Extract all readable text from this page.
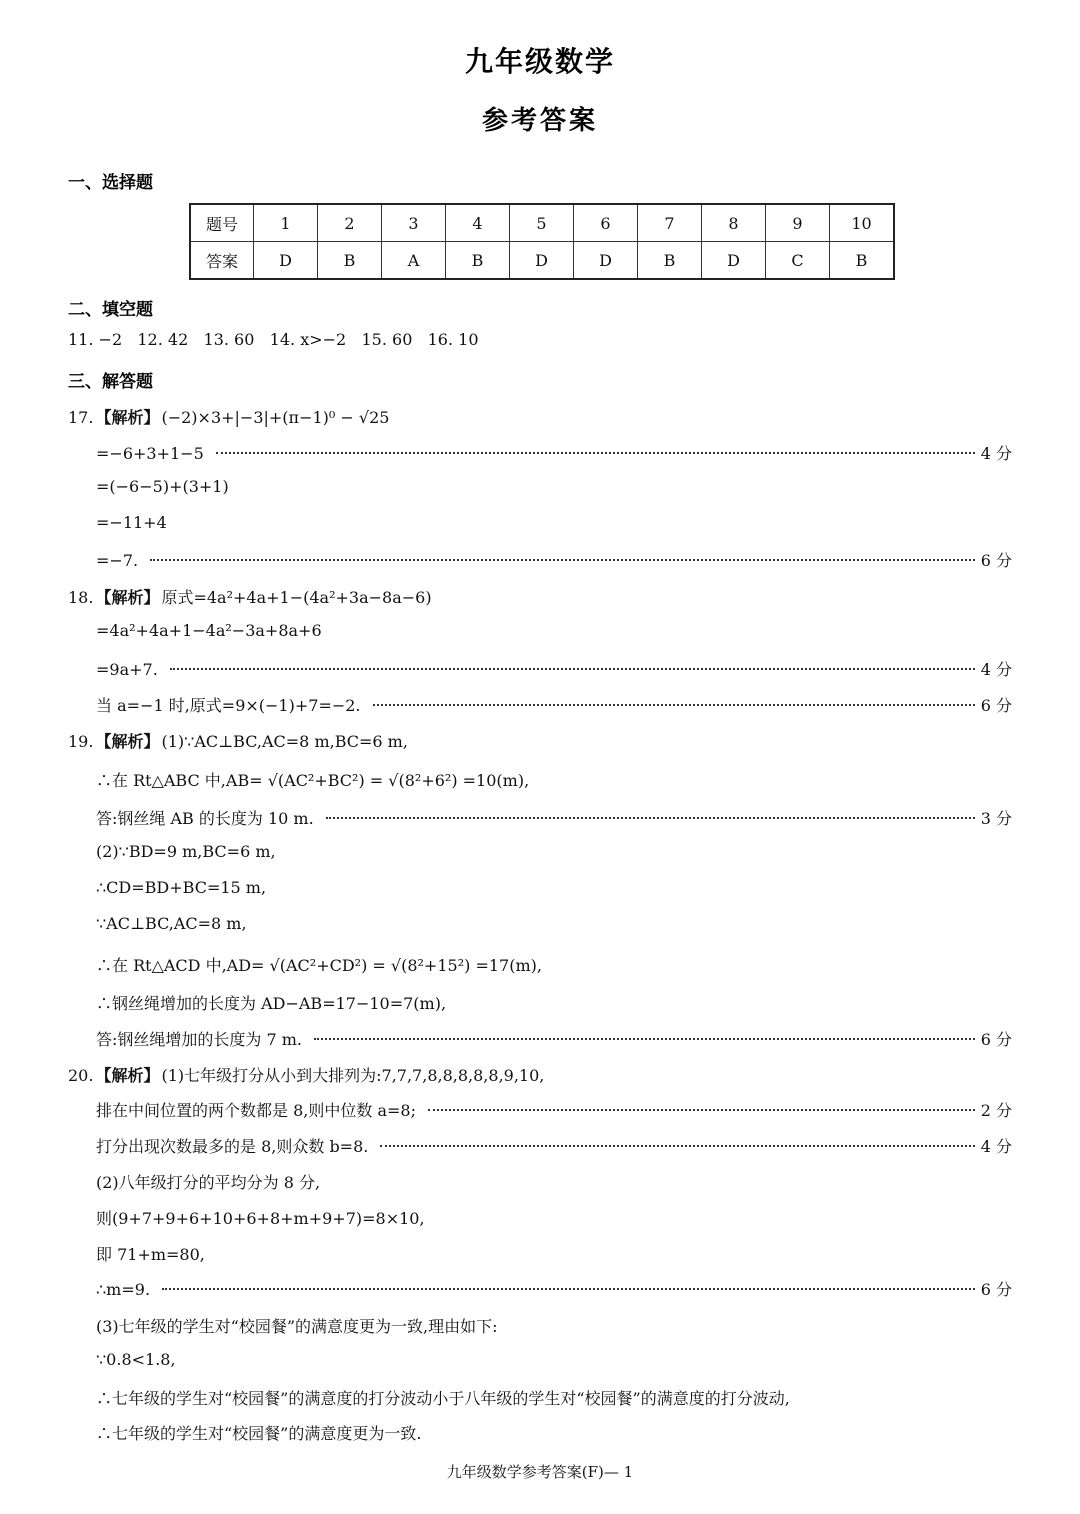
九年级数学
参考答案
一、选择题
题号	1	2	3	4	5	6	7	8	9	10
答案	D	B	A	B	D	D	B	D	C	B
二、填空题
11. −2   12. 42   13. 60   14. x>−2   15. 60   16. 10
三、解答题
17. 【解析】 (−2)×3+|−3|+(π−1)⁰ − √25
=−6+3+1−5	4 分
=(−6−5)+(3+1)
=−11+4
=−7.	6 分
18. 【解析】 原式=4a²+4a+1−(4a²+3a−8a−6)
=4a²+4a+1−4a²−3a+8a+6
=9a+7.	4 分
当 a=−1 时,原式=9×(−1)+7=−2.	6 分
19. 【解析】 (1)∵AC⊥BC,AC=8 m,BC=6 m,
∴在 Rt△ABC 中,AB= √(AC²+BC²) = √(8²+6²) =10(m),
答:钢丝绳 AB 的长度为 10 m.	3 分
(2)∵BD=9 m,BC=6 m,
∴CD=BD+BC=15 m,
∵AC⊥BC,AC=8 m,
∴在 Rt△ACD 中,AD= √(AC²+CD²) = √(8²+15²) =17(m),
∴钢丝绳增加的长度为 AD−AB=17−10=7(m),
答:钢丝绳增加的长度为 7 m.	6 分
20. 【解析】 (1)七年级打分从小到大排列为:7,7,7,8,8,8,8,8,9,10,
排在中间位置的两个数都是 8,则中位数 a=8;	2 分
打分出现次数最多的是 8,则众数 b=8.	4 分
(2)八年级打分的平均分为 8 分,
则(9+7+9+6+10+6+8+m+9+7)=8×10,
即 71+m=80,
∴m=9.	6 分
(3)七年级的学生对“校园餐”的满意度更为一致,理由如下:
∵0.8<1.8,
∴七年级的学生对“校园餐”的满意度的打分波动小于八年级的学生对“校园餐”的满意度的打分波动,
∴七年级的学生对“校园餐”的满意度更为一致.
九年级数学参考答案(F)— 1
